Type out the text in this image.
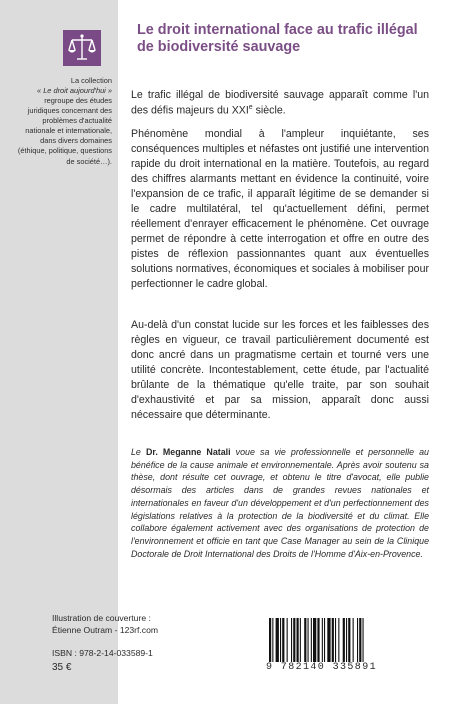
La collection
« Le droit aujourd'hui » regroupe des études juridiques concernant des problèmes d'actualité nationale et internationale, dans divers domaines (éthique, politique, questions de société…).
Le droit international face au trafic illégal de biodiversité sauvage

Le trafic illégal de biodiversité sauvage apparaît comme l'un des défis majeurs du XXIe siècle.

Phénomène mondial à l'ampleur inquiétante, ses conséquences multiples et néfastes ont justifié une intervention rapide du droit international en la matière. Toutefois, au regard des chiffres alarmants mettant en évidence la continuité, voire l'expansion de ce trafic, il apparaît légitime de se demander si le cadre multilatéral, tel qu'actuellement défini, permet réellement d'enrayer efficacement le phénomène. Cet ouvrage permet de répondre à cette interrogation et offre en outre des pistes de réflexion passionnantes quant aux éventuelles solutions normatives, économiques et sociales à mobiliser pour perfectionner le cadre global.

Au-delà d'un constat lucide sur les forces et les faiblesses des règles en vigueur, ce travail particulièrement documenté est donc ancré dans un pragmatisme certain et tourné vers une utilité concrète. Incontestablement, cette étude, par l'actualité brûlante de la thématique qu'elle traite, par son souhait d'exhaustivité et par sa mission, apparaît donc aussi nécessaire que déterminante.

Le Dr. Meganne Natali voue sa vie professionnelle et personnelle au bénéfice de la cause animale et environnementale. Après avoir soutenu sa thèse, dont résulte cet ouvrage, et obtenu le titre d'avocat, elle publie désormais des articles dans de grandes revues nationales et internationales en faveur d'un développement et d'un perfectionnement des législations relatives à la protection de la biodiversité et du climat. Elle collabore également activement avec des organisations de protection de l'environnement et officie en tant que Case Manager au sein de la Clinique Doctorale de Droit International des Droits de l'Homme d'Aix-en-Provence.

Illustration de couverture :
Étienne Outram - 123rf.com
ISBN : 978-2-14-033589-1
35 €	9 782140 335891
